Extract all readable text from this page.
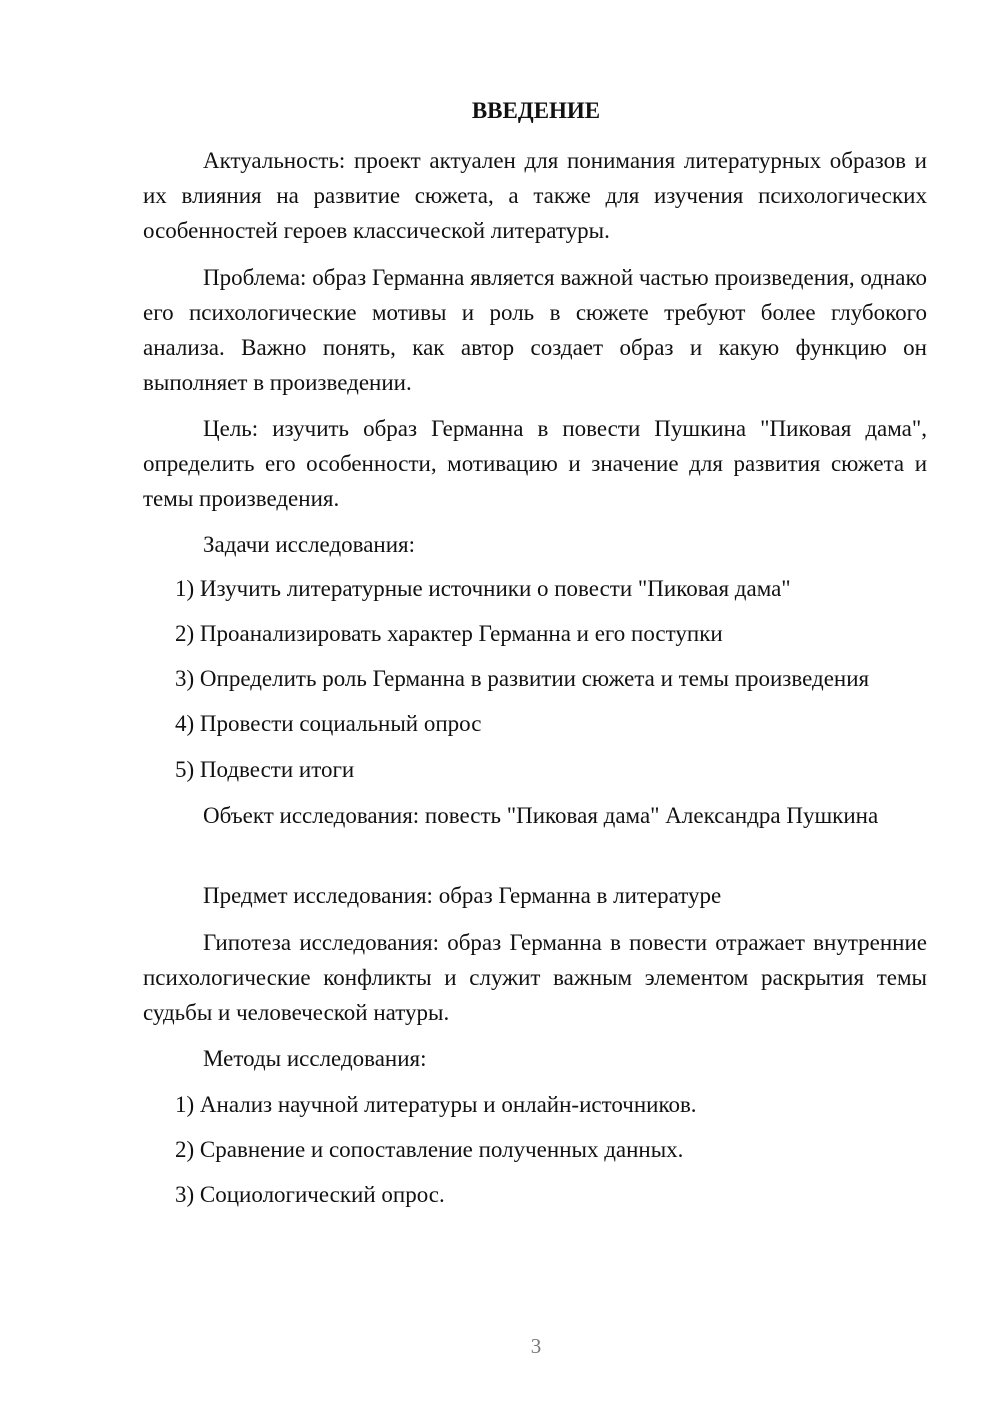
ВВЕДЕНИЕ

Актуальность: проект актуален для понимания литературных образов и их влияния на развитие сюжета, а также для изучения психологических особенностей героев классической литературы.

Проблема: образ Германна является важной частью произведения, однако его психологические мотивы и роль в сюжете требуют более глубокого анализа. Важно понять, как автор создает образ и какую функцию он выполняет в произведении.

Цель: изучить образ Германна в повести Пушкина "Пиковая дама", определить его особенности, мотивацию и значение для развития сюжета и темы произведения.

Задачи исследования:

1) Изучить литературные источники о повести "Пиковая дама"

2) Проанализировать характер Германна и его поступки

3) Определить роль Германна в развитии сюжета и темы произведения

4) Провести социальный опрос

5) Подвести итоги

Объект исследования: повесть "Пиковая дама" Александра Пушкина

Предмет исследования: образ Германна в литературе

Гипотеза исследования: образ Германна в повести отражает внутренние психологические конфликты и служит важным элементом раскрытия темы судьбы и человеческой натуры.

Методы исследования:

1) Анализ научной литературы и онлайн-источников.

2) Сравнение и сопоставление полученных данных.

3) Социологический опрос.

3
